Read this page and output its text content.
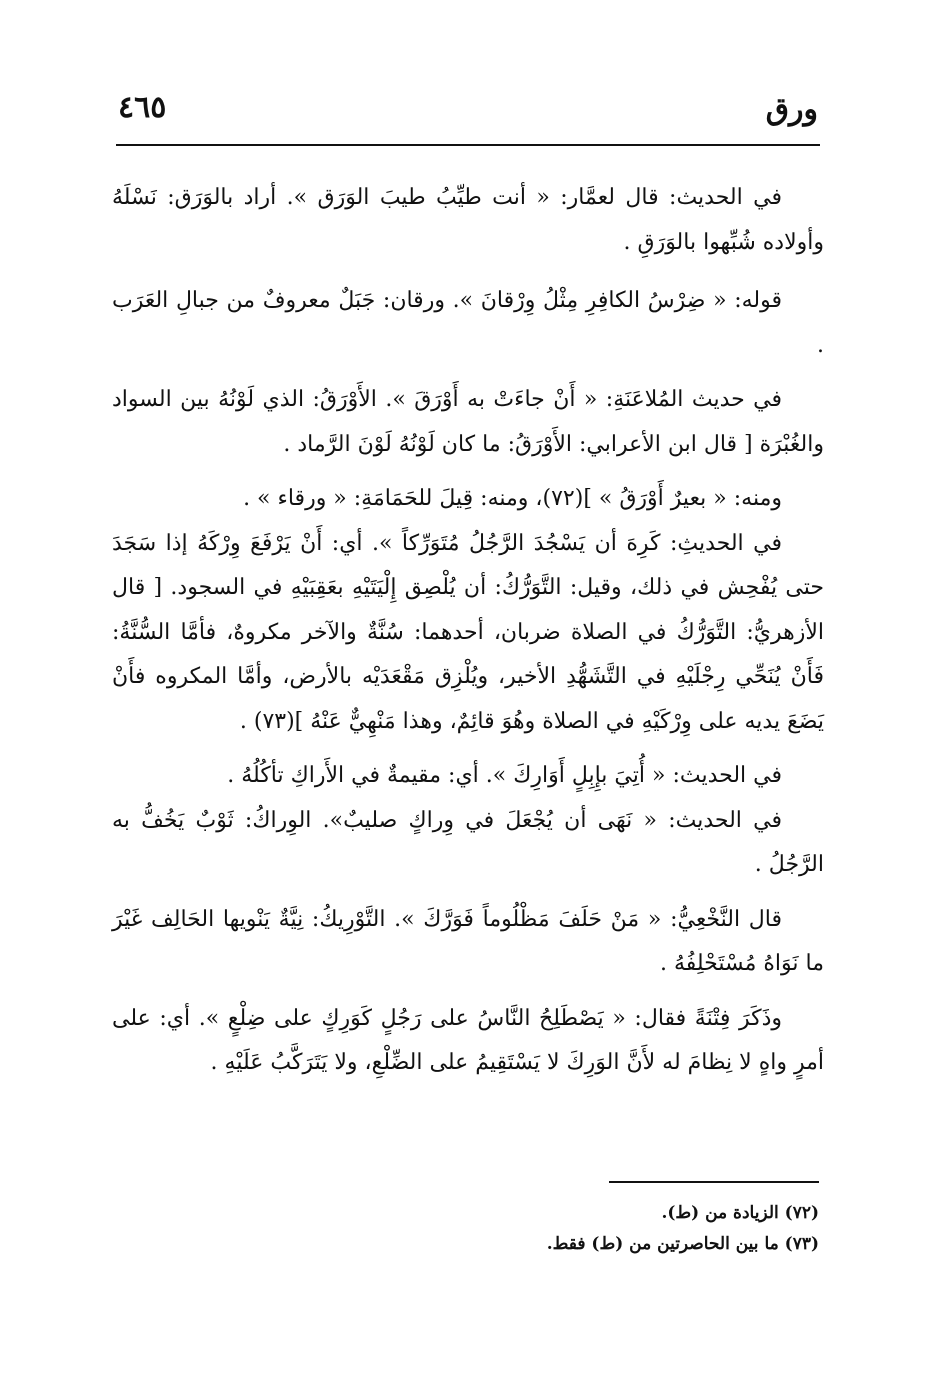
ورق
٤٦٥

في الحديث: قال لعمَّار: « أنت طيِّبُ طيبَ الوَرَق ». أراد بالوَرَق: نَسْلَهُ وأولاده شُبِّهوا بالوَرَقِ .

قوله: « ضِرْسُ الكافِرِ مِثْلُ وِرْقانَ ». ورقان: جَبَلٌ معروفٌ من جبالِ العَرَب .

في حديث المُلاعَنَةِ: « أَنْ جاءَتْ به أَوْرَقَ ». الأَوْرَقُ: الذي لَوْنُهُ بين السواد والغُبْرَة [ قال ابن الأعرابي: الأَوْرَقُ: ما كان لَوْنُهُ لَوْنَ الرَّماد .

ومنه: « بعيرٌ أَوْرَقُ » ](٧٢)، ومنه: قِيلَ للحَمَامَةِ: « ورقاء » .

في الحديثِ: كَرِهَ أن يَسْجُدَ الرَّجُلُ مُتَوَرِّكاً ». أي: أَنْ يَرْفَعَ وِرْكَهُ إذا سَجَدَ حتى يُفْحِش في ذلك، وقيل: التَّوَرُّكُ: أن يُلْصِق إِلْيَتَيْهِ بعَقِبَيْهِ في السجود. [ قال الأزهريُّ: التَّوَرُّكُ في الصلاة ضربان، أحدهما: سُنَّةٌ والآخر مكروهٌ، فأمَّا السُّنَّةُ: فَأَنْ يُنَحِّي رِجْلَيْهِ في التَّشَهُّدِ الأخير، ويُلْزِق مَقْعَدَيْه بالأرض، وأمَّا المكروه فأَنْ يَضَعَ يديه على وِرْكَيْهِ في الصلاة وهُوَ قائِمٌ، وهذا مَنْهِيٌّ عَنْهُ ](٧٣) .

في الحديث: « أُتِيَ بإِبِلٍ أَوَارِكَ ». أي: مقيمةٌ في الأَراكِ تأكُلُهُ .

في الحديث: « نَهَى أن يُجْعَلَ في وِراكٍ صليبٌ». الوِراكُ: ثَوْبٌ يَخُفُّ به الرَّجُلُ .

قال النَّخْعِيُّ: « مَنْ حَلَفَ مَظْلُوماً فَوَرَّكَ ». التَّوْرِيكُ: نِيَّةٌ يَنْويها الحَالِف غَيْرَ ما نَوَاهُ مُسْتَحْلِفُهُ .

وذَكَرَ فِتْنَةً فقال: « يَصْطَلِحُ النَّاسُ على رَجُلٍ كَوَرِكٍ على ضِلْعٍ ». أي: على أمرٍ واهٍ لا نِظامَ له لأَنَّ الوَرِكَ لا يَسْتَقِيمُ على الضِّلْعِ، ولا يَتَرَكَّبُ عَلَيْهِ .

(٧٢) الزيادة من (ط).

(٧٣) ما بين الحاصرتين من (ط) فقط.
